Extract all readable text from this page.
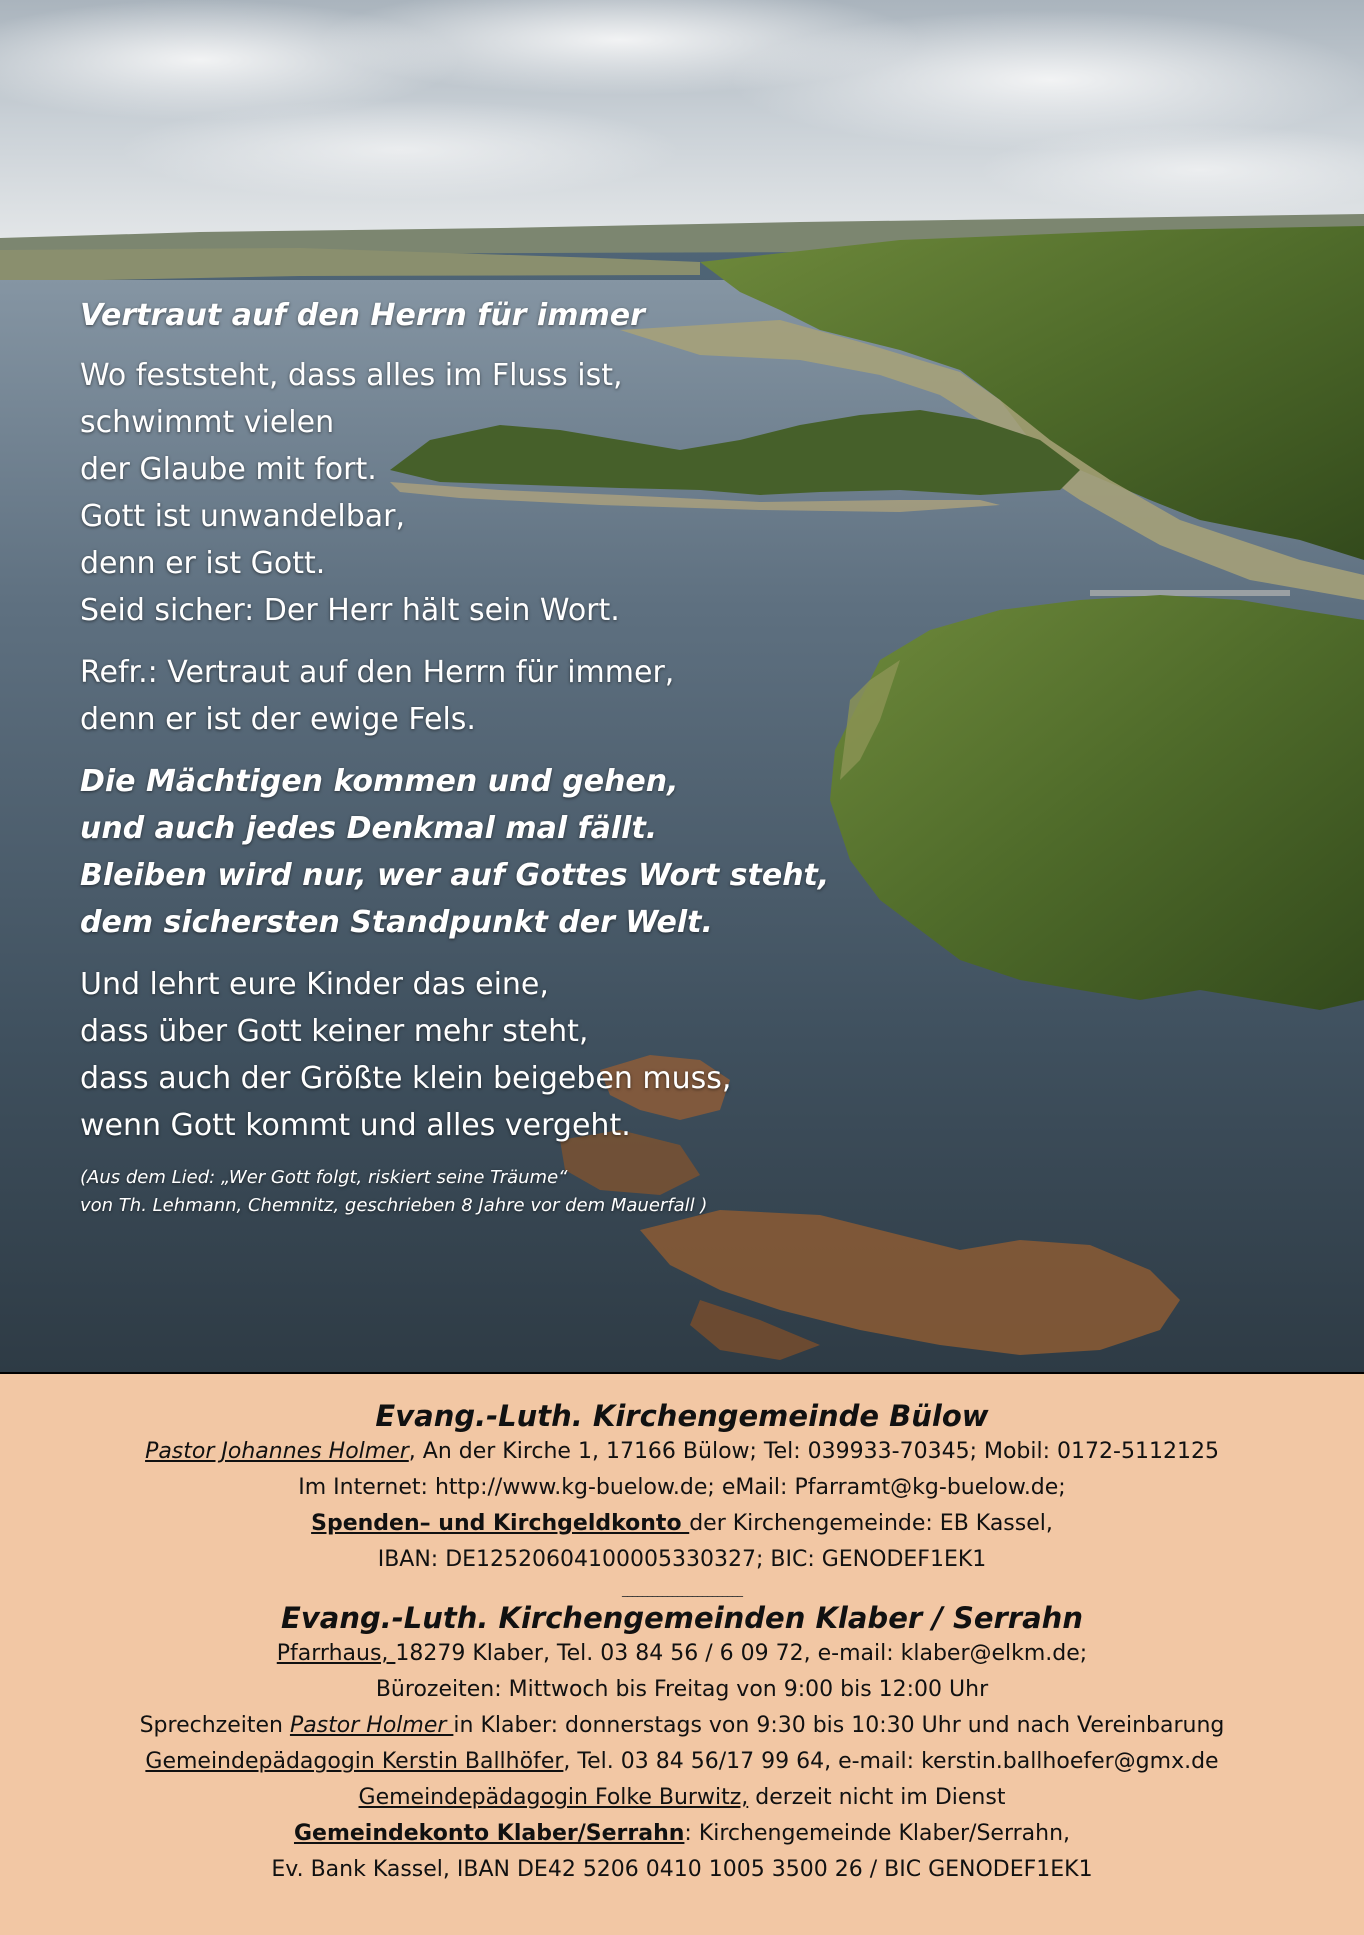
Vertraut auf den Herrn für immer
Wo feststeht, dass alles im Fluss ist,
schwimmt vielen
der Glaube mit fort.
Gott ist unwandelbar,
denn er ist Gott.
Seid sicher: Der Herr hält sein Wort.
Refr.: Vertraut auf den Herrn für immer,
denn er ist der ewige Fels.
Die Mächtigen kommen und gehen,
und auch jedes Denkmal mal fällt.
Bleiben wird nur, wer auf Gottes Wort steht,
dem sichersten Standpunkt der Welt.
Und lehrt eure Kinder das eine,
dass über Gott keiner mehr steht,
dass auch der Größte klein beigeben muss,
wenn Gott kommt und alles vergeht.
(Aus dem Lied: „Wer Gott folgt, riskiert seine Träume“
von Th. Lehmann, Chemnitz, geschrieben 8 Jahre vor dem Mauerfall )

Evang.-Luth. Kirchengemeinde Bülow

Pastor Johannes Holmer, An der Kirche 1, 17166 Bülow; Tel: 039933-70345; Mobil: 0172-5112125

Im Internet: http://www.kg-buelow.de; eMail: Pfarramt@kg-buelow.de;

Spenden– und Kirchgeldkonto der Kirchengemeinde: EB Kassel,

IBAN: DE12520604100005330327; BIC: GENODEF1EK1

________________________

Evang.-Luth. Kirchengemeinden Klaber / Serrahn

Pfarrhaus, 18279 Klaber, Tel. 03 84 56 / 6 09 72, e-mail: klaber@elkm.de;

Bürozeiten: Mittwoch bis Freitag von 9:00 bis 12:00 Uhr

Sprechzeiten Pastor Holmer in Klaber: donnerstags von 9:30 bis 10:30 Uhr und nach Vereinbarung

Gemeindepädagogin Kerstin Ballhöfer, Tel. 03 84 56/17 99 64, e-mail: kerstin.ballhoefer@gmx.de

Gemeindepädagogin Folke Burwitz, derzeit nicht im Dienst

Gemeindekonto Klaber/Serrahn: Kirchengemeinde Klaber/Serrahn,

Ev. Bank Kassel, IBAN DE42 5206 0410 1005 3500 26 / BIC GENODEF1EK1
